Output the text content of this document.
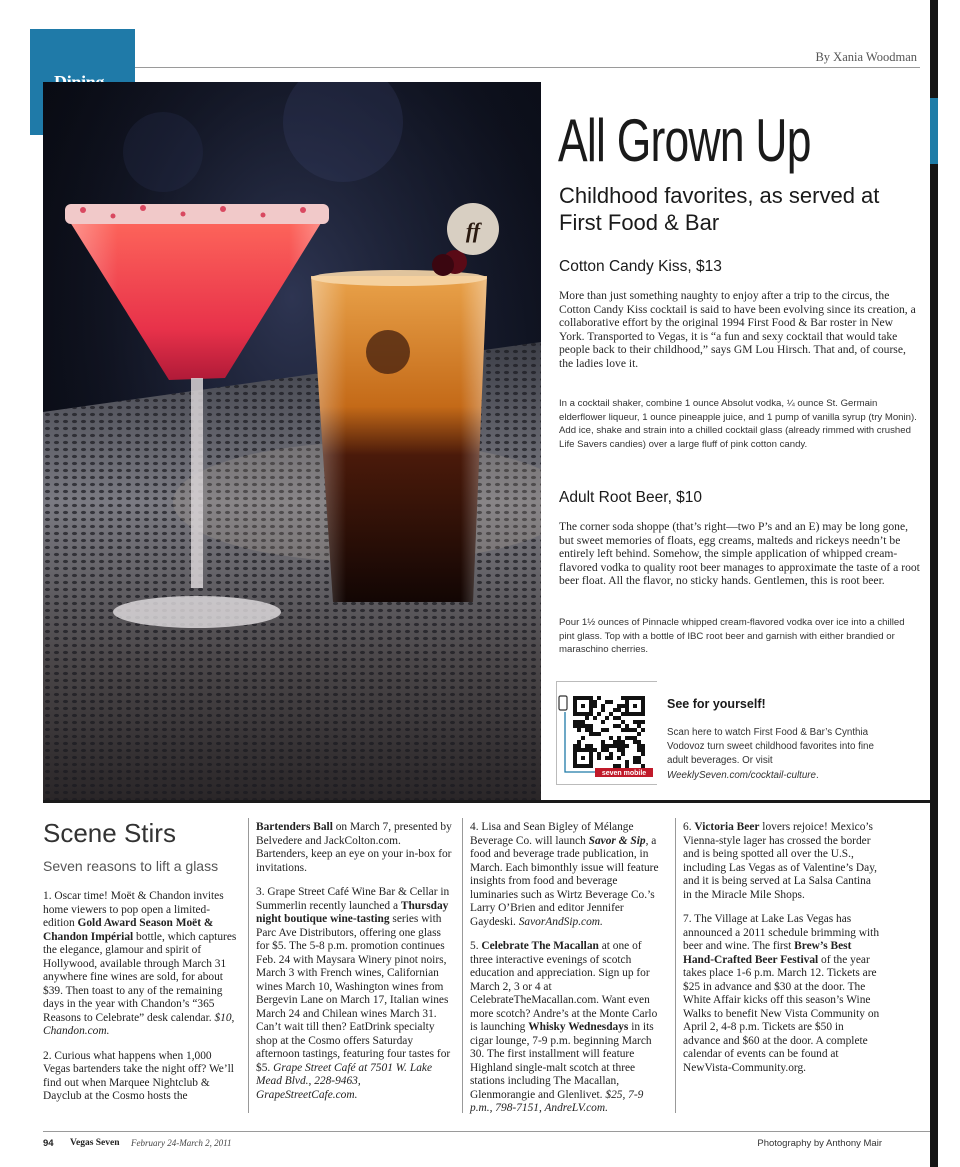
By Xania Woodman
ff
All Grown Up
Childhood favorites, as served at First Food & Bar
Cotton Candy Kiss, $13
More than just something naughty to enjoy after a trip to the circus, the Cotton Candy Kiss cocktail is said to have been evolving since its creation, a collaborative effort by the original 1994 First Food & Bar roster in New York. Transported to Vegas, it is “a fun and sexy cocktail that would take people back to their childhood,” says GM Lou Hirsch. That and, of course, the ladies love it.
In a cocktail shaker, combine 1 ounce Absolut vodka, ¼ ounce St. Germain elderflower liqueur, 1 ounce pineapple juice, and 1 pump of vanilla syrup (try Monin). Add ice, shake and strain into a chilled cocktail glass (already rimmed with crushed Life Savers candies) over a large fluff of pink cotton candy.
Adult Root Beer, $10
The corner soda shoppe (that’s right—two P’s and an E) may be long gone, but sweet memories of floats, egg creams, malteds and rickeys needn’t be entirely left behind. Somehow, the simple application of whipped cream-flavored vodka to quality root beer manages to approximate the taste of a root beer float. All the flavor, no sticky hands. Gentlemen, this is root beer.
Pour 1½ ounces of Pinnacle whipped cream-flavored vodka over ice into a chilled pint glass. Top with a bottle of IBC root beer and garnish with either brandied or maraschino cherries.
seven mobile
See for yourself!
Scan here to watch First Food & Bar’s Cynthia Vodovoz turn sweet childhood favorites into fine adult beverages. Or visit WeeklySeven.com/cocktail-culture.
Scene Stirs
Seven reasons to lift a glass

1. Oscar time! Moët & Chandon invites home viewers to pop open a limited-edition Gold Award Season Moët & Chandon Impérial bottle, which captures the elegance, glamour and spirit of Hollywood, available through March 31 anywhere fine wines are sold, for about $39. Then toast to any of the remaining days in the year with Chandon’s “365 Reasons to Celebrate” desk calendar. $10, Chandon.com.

2. Curious what happens when 1,000 Vegas bartenders take the night off? We’ll find out when Marquee Nightclub & Dayclub at the Cosmo hosts the

Bartenders Ball on March 7, presented by Belvedere and JackColton.com. Bartenders, keep an eye on your in-box for invitations.

3. Grape Street Café Wine Bar & Cellar in Summerlin recently launched a Thursday night boutique wine-tasting series with Parc Ave Distributors, offering one glass for $5. The 5-8 p.m. promotion continues Feb. 24 with Maysara Winery pinot noirs, March 3 with French wines, Californian wines March 10, Washington wines from Bergevin Lane on March 17, Italian wines March 24 and Chilean wines March 31. Can’t wait till then? EatDrink specialty shop at the Cosmo offers Saturday afternoon tastings, featuring four tastes for $5. Grape Street Café at 7501 W. Lake Mead Blvd., 228-9463, GrapeStreetCafe.com.

4. Lisa and Sean Bigley of Mélange Beverage Co. will launch Savor & Sip, a food and beverage trade publication, in March. Each bimonthly issue will feature insights from food and beverage luminaries such as Wirtz Beverage Co.’s Larry O’Brien and editor Jennifer Gaydeski. SavorAndSip.com.

5. Celebrate The Macallan at one of three interactive evenings of scotch education and appreciation. Sign up for March 2, 3 or 4 at CelebrateTheMacallan.com. Want even more scotch? Andre’s at the Monte Carlo is launching Whisky Wednesdays in its cigar lounge, 7-9 p.m. beginning March 30. The first installment will feature Highland single-malt scotch at three stations including The Macallan, Glenmorangie and Glenlivet. $25, 7-9 p.m., 798-7151, AndreLV.com.

6. Victoria Beer lovers rejoice! Mexico’s Vienna-style lager has crossed the border and is being spotted all over the U.S., including Las Vegas as of Valentine’s Day, and it is being served at La Salsa Cantina in the Miracle Mile Shops.

7. The Village at Lake Las Vegas has announced a 2011 schedule brimming with beer and wine. The first Brew’s Best Hand-Crafted Beer Festival of the year takes place 1-6 p.m. March 12. Tickets are $25 in advance and $30 at the door. The White Affair kicks off this season’s Wine Walks to benefit New Vista Community on April 2, 4-8 p.m. Tickets are $50 in advance and $60 at the door. A complete calendar of events can be found at NewVista-Community.org.

94 Vegas Seven February 24-March 2, 2011	Photography by Anthony Mair
